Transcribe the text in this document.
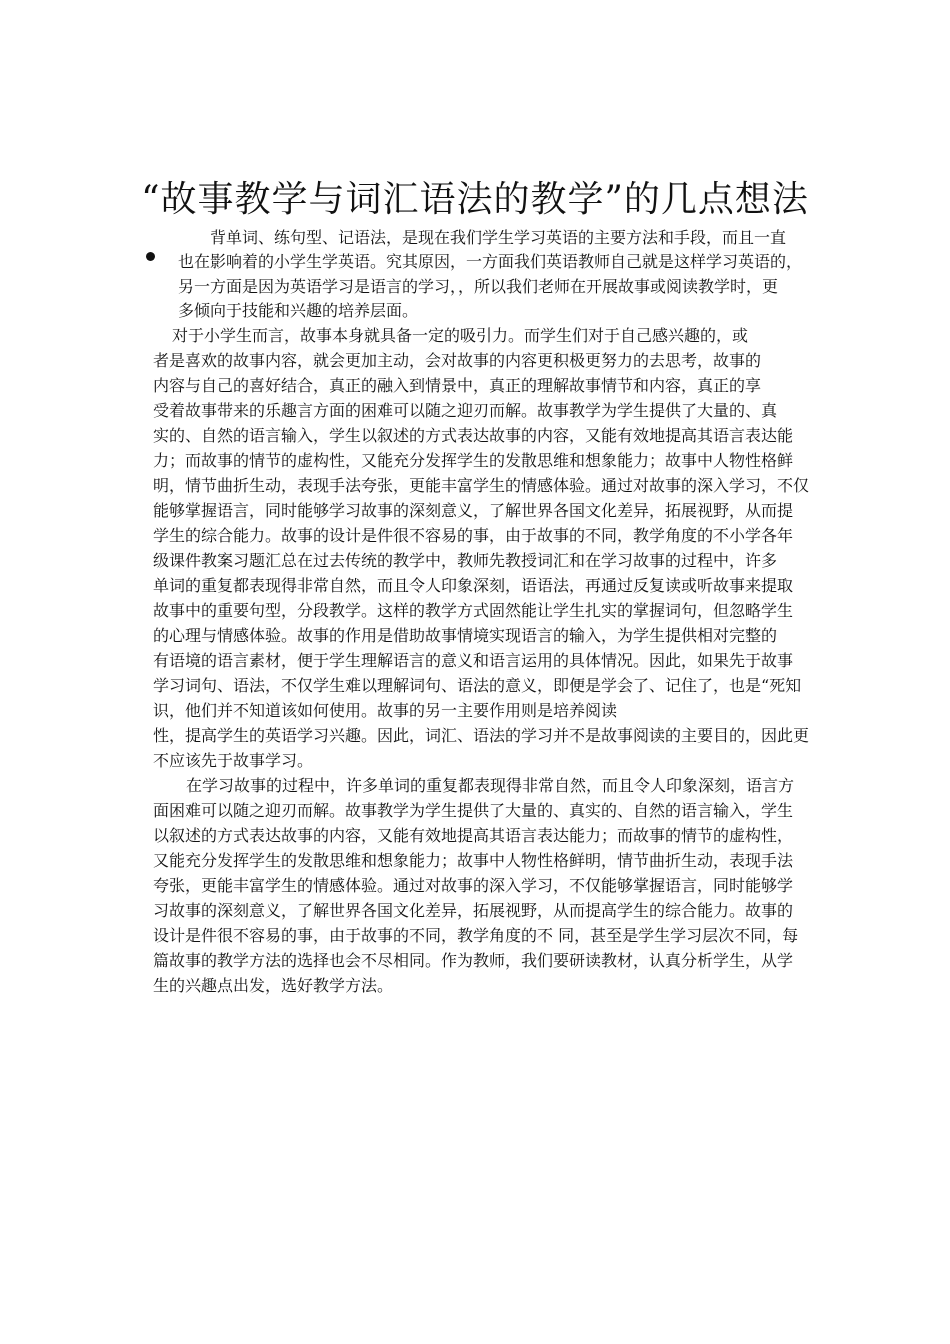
“故事教学与词汇语法的教学”的几点想法
背单词、练句型、记语法，是现在我们学生学习英语的主要方法和手段，而且一直
也在影响着的小学生学英语。究其原因，一方面我们英语教师自己就是这样学习英语的，
另一方面是因为英语学习是语言的学习，，所以我们老师在开展故事或阅读教学时，更
多倾向于技能和兴趣的培养层面。
对于小学生而言，故事本身就具备一定的吸引力。而学生们对于自己感兴趣的，或
者是喜欢的故事内容，就会更加主动，会对故事的内容更积极更努力的去思考，故事的
内容与自己的喜好结合，真正的融入到情景中，真正的理解故事情节和内容，真正的享
受着故事带来的乐趣言方面的困难可以随之迎刃而解。故事教学为学生提供了大量的、真
实的、自然的语言输入，学生以叙述的方式表达故事的内容，又能有效地提高其语言表达能
力；而故事的情节的虚构性，又能充分发挥学生的发散思维和想象能力；故事中人物性格鲜
明，情节曲折生动，表现手法夸张，更能丰富学生的情感体验。通过对故事的深入学习，不仅
能够掌握语言，同时能够学习故事的深刻意义，了解世界各国文化差异，拓展视野，从而提
学生的综合能力。故事的设计是件很不容易的事，由于故事的不同，教学角度的不小学各年
级课件教案习题汇总在过去传统的教学中，教师先教授词汇和在学习故事的过程中，许多
单词的重复都表现得非常自然，而且令人印象深刻，语语法，再通过反复读或听故事来提取
故事中的重要句型，分段教学。这样的教学方式固然能让学生扎实的掌握词句，但忽略学生
的心理与情感体验。故事的作用是借助故事情境实现语言的输入，为学生提供相对完整的
有语境的语言素材，便于学生理解语言的意义和语言运用的具体情况。因此，如果先于故事
学习词句、语法，不仅学生难以理解词句、语法的意义，即便是学会了、记住了，也是“死知
识，他们并不知道该如何使用。故事的另一主要作用则是培养阅读
性，提高学生的英语学习兴趣。因此，词汇、语法的学习并不是故事阅读的主要目的，因此更
不应该先于故事学习。
在学习故事的过程中，许多单词的重复都表现得非常自然，而且令人印象深刻，语言方
面困难可以随之迎刃而解。故事教学为学生提供了大量的、真实的、自然的语言输入，学生
以叙述的方式表达故事的内容，又能有效地提高其语言表达能力；而故事的情节的虚构性，
又能充分发挥学生的发散思维和想象能力；故事中人物性格鲜明，情节曲折生动，表现手法
夸张，更能丰富学生的情感体验。通过对故事的深入学习，不仅能够掌握语言，同时能够学
习故事的深刻意义，了解世界各国文化差异，拓展视野，从而提高学生的综合能力。故事的
设计是件很不容易的事，由于故事的不同，教学角度的不 同，甚至是学生学习层次不同，每
篇故事的教学方法的选择也会不尽相同。作为教师，我们要研读教材，认真分析学生，从学
生的兴趣点出发，选好教学方法。
